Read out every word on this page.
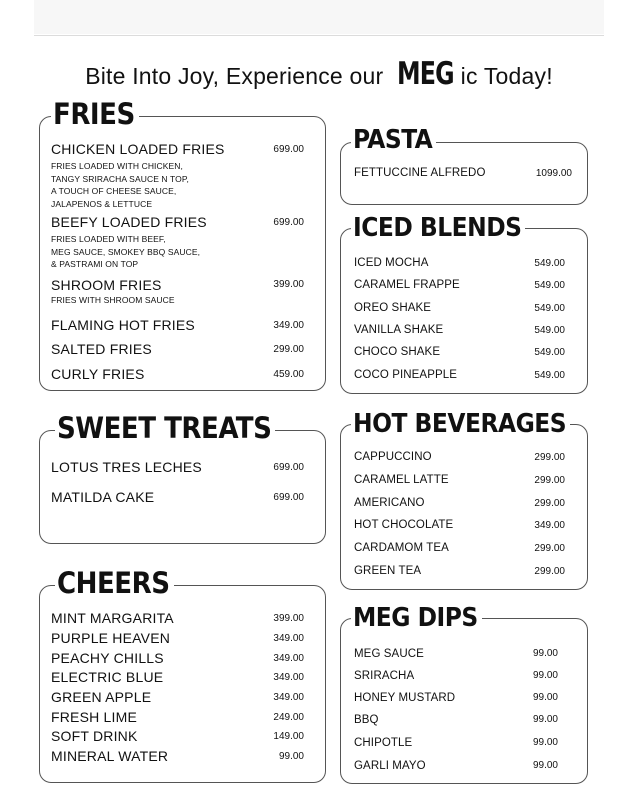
Bite Into Joy, Experience our MEG ic Today!
FRIES
CHICKEN LOADED FRIES	699.00
FRIES LOADED WITH CHICKEN,
TANGY SRIRACHA SAUCE N TOP,
A TOUCH OF CHEESE SAUCE,
JALAPENOS & LETTUCE
BEEFY LOADED FRIES	699.00
FRIES LOADED WITH BEEF,
MEG SAUCE, SMOKEY BBQ SAUCE,
& PASTRAMI ON TOP
SHROOM FRIES	399.00
FRIES WITH SHROOM SAUCE
FLAMING HOT FRIES	349.00
SALTED FRIES	299.00
CURLY FRIES	459.00
SWEET TREATS
LOTUS TRES LECHES	699.00
MATILDA CAKE	699.00
CHEERS
MINT MARGARITA	399.00
PURPLE HEAVEN	349.00
PEACHY CHILLS	349.00
ELECTRIC BLUE	349.00
GREEN APPLE	349.00
FRESH LIME	249.00
SOFT DRINK	149.00
MINERAL WATER	99.00
PASTA
FETTUCCINE ALFREDO	1099.00
ICED BLENDS
ICED MOCHA	549.00
CARAMEL FRAPPE	549.00
OREO SHAKE	549.00
VANILLA SHAKE	549.00
CHOCO SHAKE	549.00
COCO PINEAPPLE	549.00
HOT BEVERAGES
CAPPUCCINO	299.00
CARAMEL LATTE	299.00
AMERICANO	299.00
HOT CHOCOLATE	349.00
CARDAMOM TEA	299.00
GREEN TEA	299.00
MEG DIPS
MEG SAUCE	99.00
SRIRACHA	99.00
HONEY MUSTARD	99.00
BBQ	99.00
CHIPOTLE	99.00
GARLI MAYO	99.00
